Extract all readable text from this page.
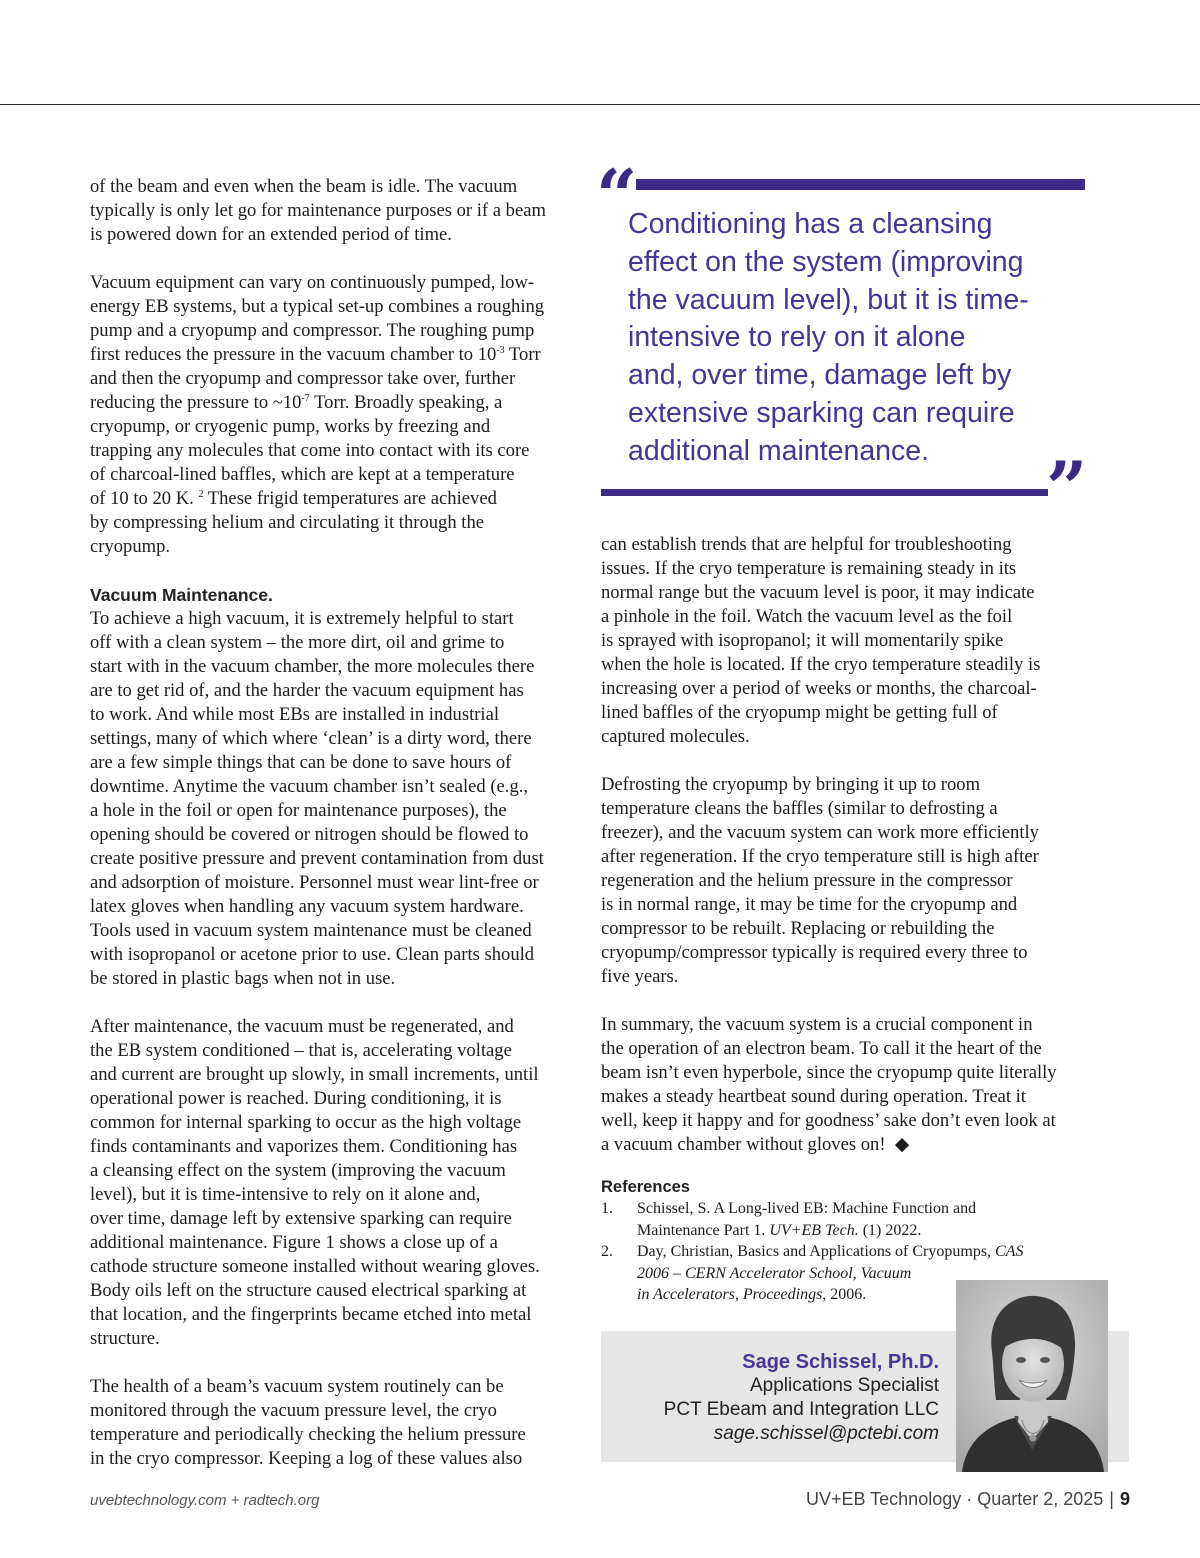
of the beam and even when the beam is idle. The vacuum
typically is only let go for maintenance purposes or if a beam
is powered down for an extended period of time.

Vacuum equipment can vary on continuously pumped, low-
energy EB systems, but a typical set-up combines a roughing
pump and a cryopump and compressor. The roughing pump
first reduces the pressure in the vacuum chamber to $10^{-3}$ Torr
and then the cryopump and compressor take over, further
reducing the pressure to $\sim 10^{-7}$ Torr. Broadly speaking, a
cryopump, or cryogenic pump, works by freezing and
trapping any molecules that come into contact with its core
of charcoal-lined baffles, which are kept at a temperature
of 10 to 20 K. $^2$ These frigid temperatures are achieved
by compressing helium and circulating it through the
cryopump.

Vacuum Maintenance.

To achieve a high vacuum, it is extremely helpful to start
off with a clean system – the more dirt, oil and grime to
start with in the vacuum chamber, the more molecules there
are to get rid of, and the harder the vacuum equipment has
to work. And while most EBs are installed in industrial
settings, many of which where ‘clean’ is a dirty word, there
are a few simple things that can be done to save hours of
downtime. Anytime the vacuum chamber isn’t sealed (e.g.,
a hole in the foil or open for maintenance purposes), the
opening should be covered or nitrogen should be flowed to
create positive pressure and prevent contamination from dust
and adsorption of moisture. Personnel must wear lint-free or
latex gloves when handling any vacuum system hardware.
Tools used in vacuum system maintenance must be cleaned
with isopropanol or acetone prior to use. Clean parts should
be stored in plastic bags when not in use.

After maintenance, the vacuum must be regenerated, and
the EB system conditioned – that is, accelerating voltage
and current are brought up slowly, in small increments, until
operational power is reached. During conditioning, it is
common for internal sparking to occur as the high voltage
finds contaminants and vaporizes them. Conditioning has
a cleansing effect on the system (improving the vacuum
level), but it is time-intensive to rely on it alone and,
over time, damage left by extensive sparking can require
additional maintenance. Figure 1 shows a close up of a
cathode structure someone installed without wearing gloves.
Body oils left on the structure caused electrical sparking at
that location, and the fingerprints became etched into metal
structure.

The health of a beam’s vacuum system routinely can be
monitored through the vacuum pressure level, the cryo
temperature and periodically checking the helium pressure
in the cryo compressor. Keeping a log of these values also

“
Conditioning has a cleansing
effect on the system (improving
the vacuum level), but it is time-
intensive to rely on it alone
and, over time, damage left by
extensive sparking can require
additional maintenance.	”

can establish trends that are helpful for troubleshooting
issues. If the cryo temperature is remaining steady in its
normal range but the vacuum level is poor, it may indicate
a pinhole in the foil. Watch the vacuum level as the foil
is sprayed with isopropanol; it will momentarily spike
when the hole is located. If the cryo temperature steadily is
increasing over a period of weeks or months, the charcoal-
lined baffles of the cryopump might be getting full of
captured molecules.

Defrosting the cryopump by bringing it up to room
temperature cleans the baffles (similar to defrosting a
freezer), and the vacuum system can work more efficiently
after regeneration. If the cryo temperature still is high after
regeneration and the helium pressure in the compressor
is in normal range, it may be time for the cryopump and
compressor to be rebuilt. Replacing or rebuilding the
cryopump/compressor typically is required every three to
five years.

In summary, the vacuum system is a crucial component in
the operation of an electron beam. To call it the heart of the
beam isn’t even hyperbole, since the cryopump quite literally
makes a steady heartbeat sound during operation. Treat it
well, keep it happy and for goodness’ sake don’t even look at
a vacuum chamber without gloves on! ◆

References
1. Schissel, S. A Long-lived EB: Machine Function and
Maintenance Part 1. UV+EB Tech. (1) 2022.
2. Day, Christian, Basics and Applications of Cryopumps, CAS
2006 – CERN Accelerator School, Vacuum
in Accelerators, Proceedings, 2006.
Sage Schissel, Ph.D.
Applications Specialist
PCT Ebeam and Integration LLC
sage.schissel@pctebi.com
uvebtechnology.com + radtech.org	UV+EB Technology · Quarter 2, 2025 | 9
